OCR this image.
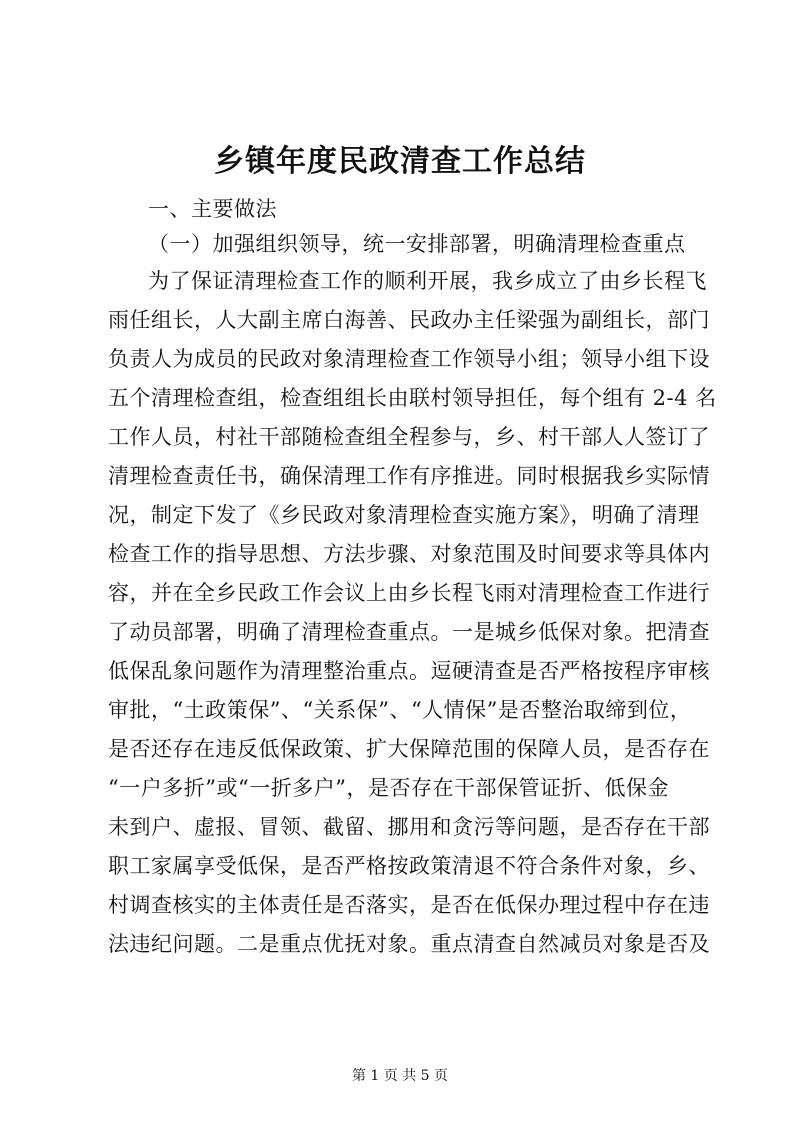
乡镇年度民政清查工作总结
一、主要做法
（一）加强组织领导，统一安排部署，明确清理检查重点
为了保证清理检查工作的顺利开展，我乡成立了由乡长程飞
雨任组长，人大副主席白海善、民政办主任梁强为副组长，部门
负责人为成员的民政对象清理检查工作领导小组；领导小组下设
五个清理检查组，检查组组长由联村领导担任，每个组有 2-4 名
工作人员，村社干部随检查组全程参与，乡、村干部人人签订了
清理检查责任书，确保清理工作有序推进。同时根据我乡实际情
况，制定下发了《乡民政对象清理检查实施方案》，明确了清理
检查工作的指导思想、方法步骤、对象范围及时间要求等具体内
容，并在全乡民政工作会议上由乡长程飞雨对清理检查工作进行
了动员部署，明确了清理检查重点。一是城乡低保对象。把清查
低保乱象问题作为清理整治重点。逗硬清查是否严格按程序审核
审批，“土政策保”、“关系保”、“人情保”是否整治取缔到位，
是否还存在违反低保政策、扩大保障范围的保障人员，是否存在
“一户多折”或“一折多户”，是否存在干部保管证折、低保金
未到户、虚报、冒领、截留、挪用和贪污等问题，是否存在干部
职工家属享受低保，是否严格按政策清退不符合条件对象，乡、
村调查核实的主体责任是否落实，是否在低保办理过程中存在违
法违纪问题。二是重点优抚对象。重点清查自然减员对象是否及
第 1 页 共 5 页
